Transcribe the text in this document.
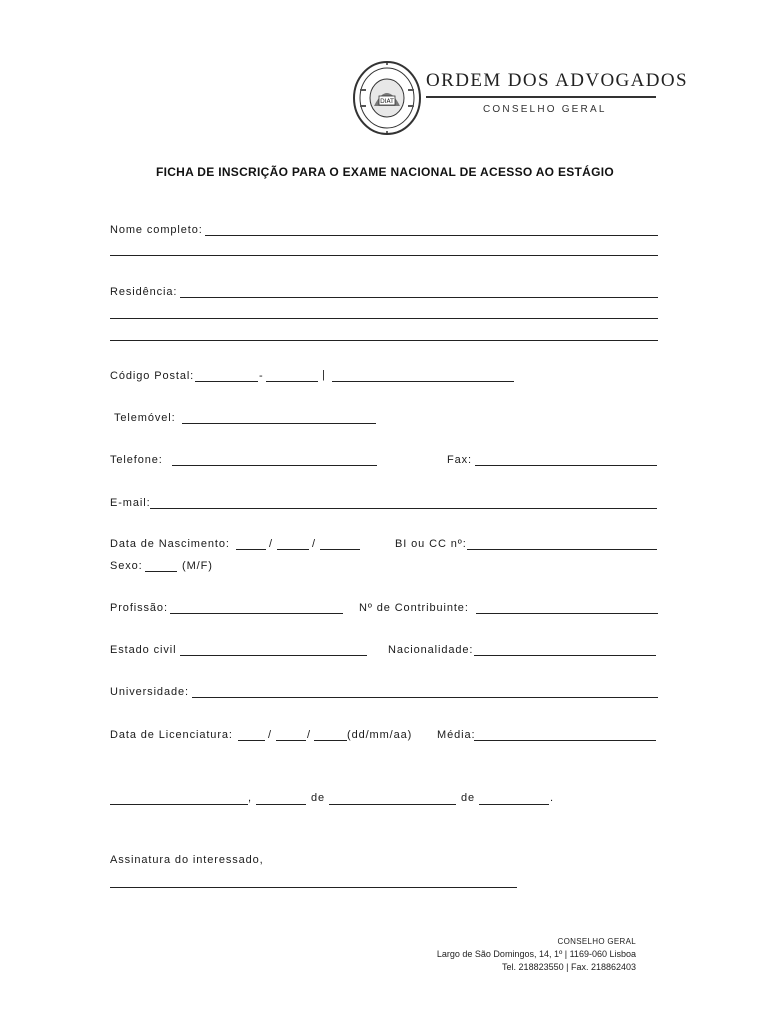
DIAT
ORDEM DOS ADVOGADOS
CONSELHO GERAL
FICHA DE INSCRIÇÃO PARA O EXAME NACIONAL DE ACESSO AO ESTÁGIO
Nome completo:
Residência:
Código Postal:	-	|
Telemóvel:
Telefone:	Fax:
E-mail:
Data de Nascimento:	/	/	BI ou CC nº:
Sexo:	(M/F)
Profissão:	Nº de Contribuinte:
Estado civil	Nacionalidade:
Universidade:
Data de Licenciatura:	/	/	(dd/mm/aa) Média:
,	de	de	.
Assinatura do interessado,
CONSELHO GERAL
Largo de São Domingos, 14, 1º | 1169-060 Lisboa
Tel. 218823550 | Fax. 218862403
